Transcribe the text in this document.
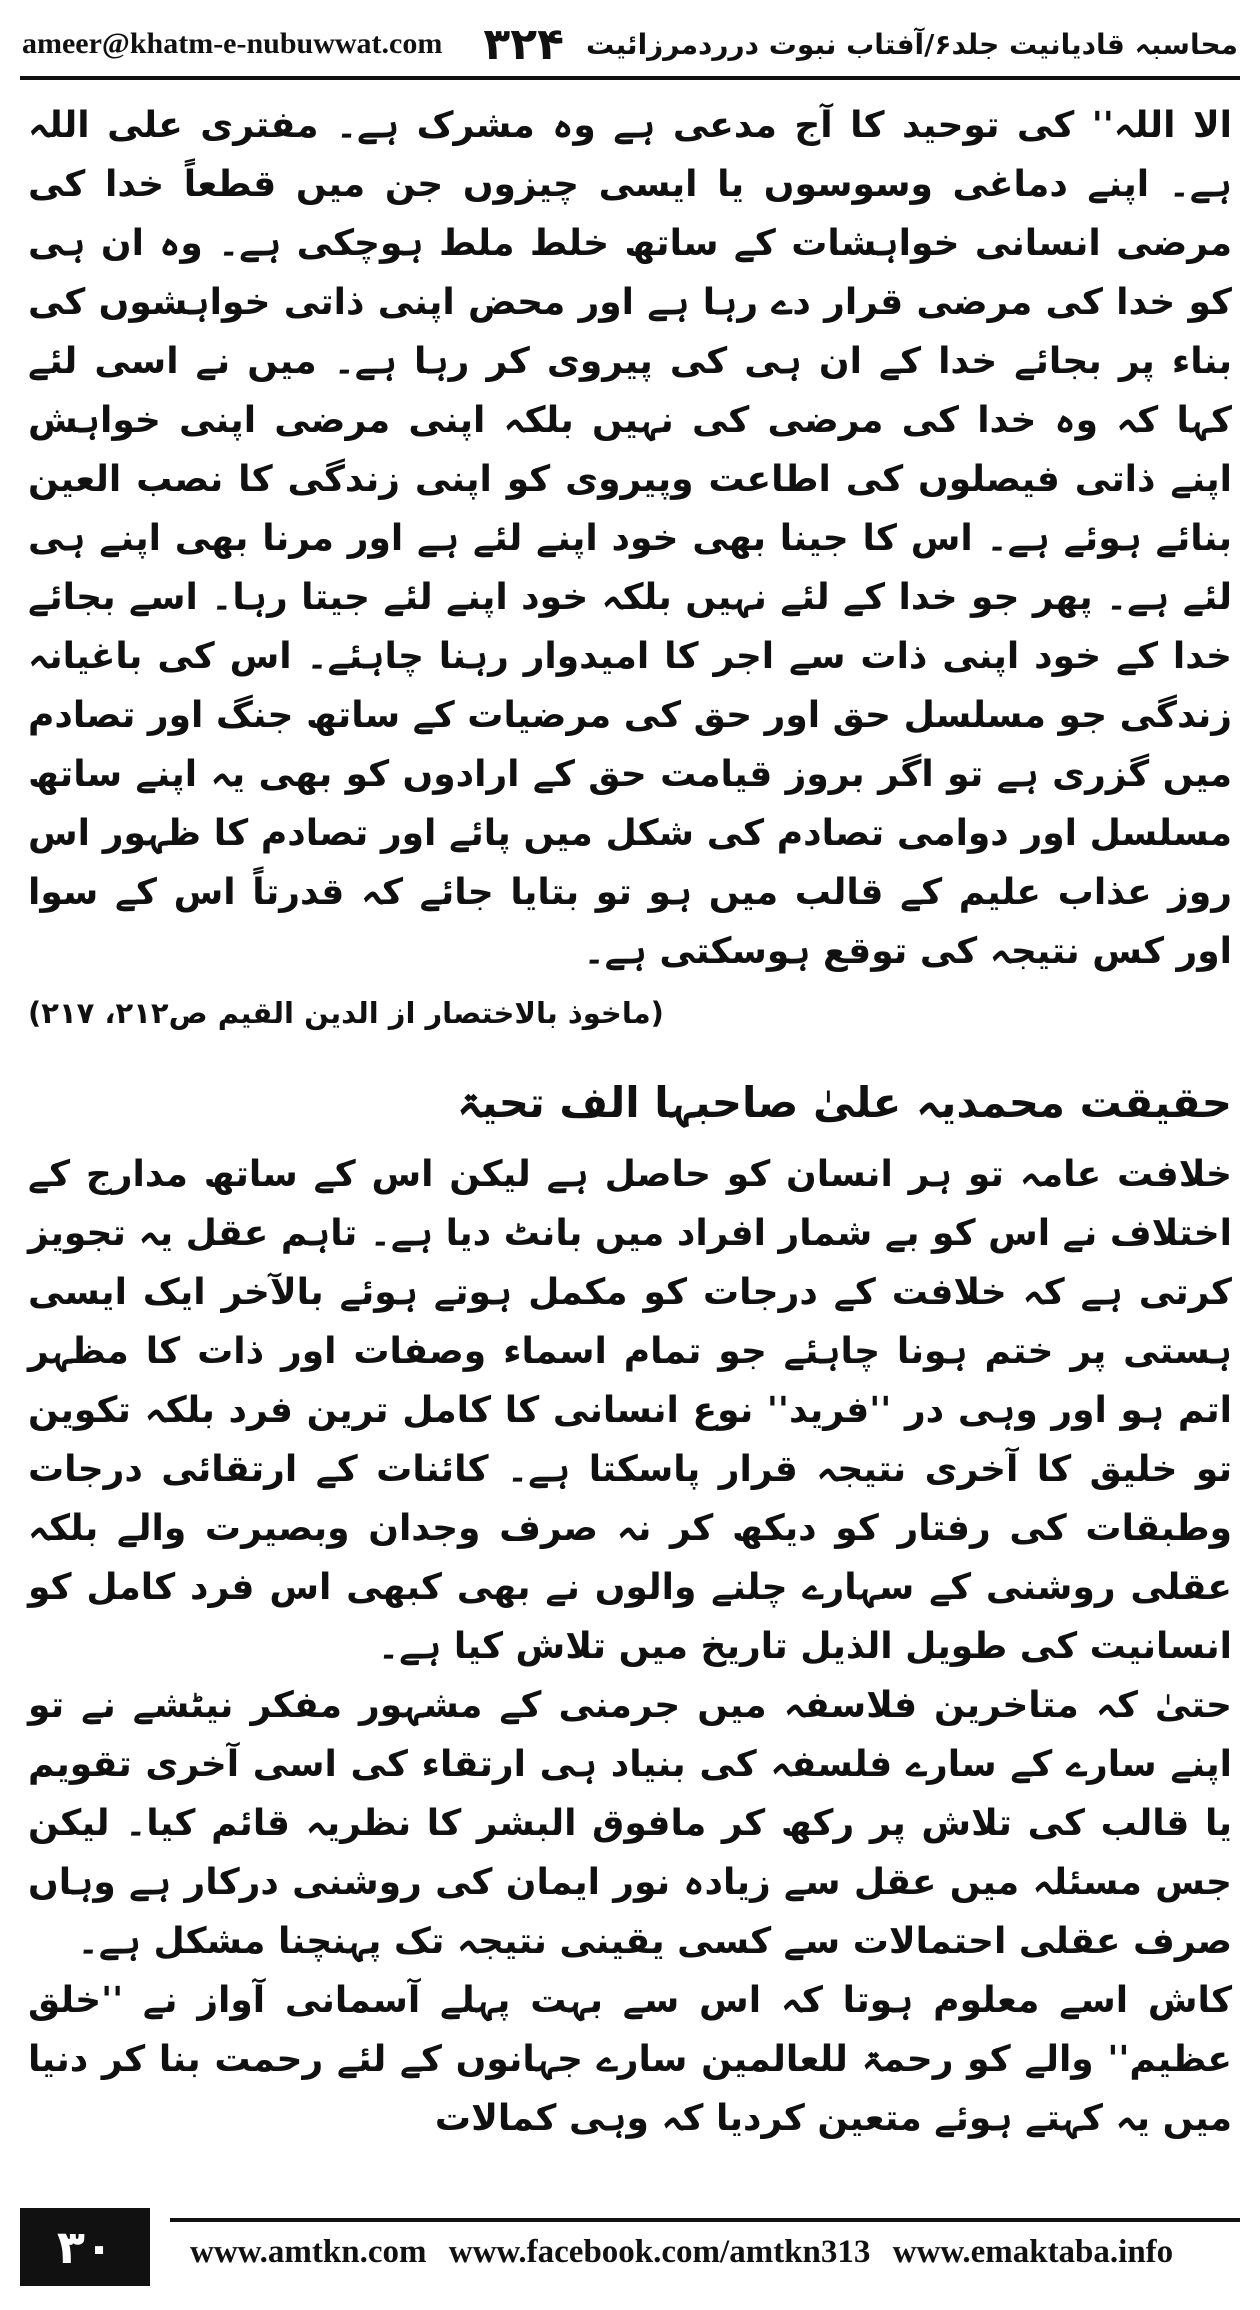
ameer@khatm-e-nubuwwat.com	محاسبہ قادیانیت جلد۶/آفتاب نبوت درردمرزائیت
۳۲۴

الا اللہ'' کی توحید کا آج مدعی ہے وہ مشرک ہے۔ مفتری علی اللہ ہے۔ اپنے دماغی وسوسوں یا ایسی چیزوں جن میں قطعاً خدا کی مرضی انسانی خواہشات کے ساتھ خلط ملط ہوچکی ہے۔ وہ ان ہی کو خدا کی مرضی قرار دے رہا ہے اور محض اپنی ذاتی خواہشوں کی بناء پر بجائے خدا کے ان ہی کی پیروی کر رہا ہے۔ میں نے اسی لئے کہا کہ وہ خدا کی مرضی کی نہیں بلکہ اپنی مرضی اپنی خواہش اپنے ذاتی فیصلوں کی اطاعت وپیروی کو اپنی زندگی کا نصب العین بنائے ہوئے ہے۔ اس کا جینا بھی خود اپنے لئے ہے اور مرنا بھی اپنے ہی لئے ہے۔ پھر جو خدا کے لئے نہیں بلکہ خود اپنے لئے جیتا رہا۔ اسے بجائے خدا کے خود اپنی ذات سے اجر کا امیدوار رہنا چاہئے۔ اس کی باغیانہ زندگی جو مسلسل حق اور حق کی مرضیات کے ساتھ جنگ اور تصادم میں گزری ہے تو اگر بروز قیامت حق کے ارادوں کو بھی یہ اپنے ساتھ مسلسل اور دوامی تصادم کی شکل میں پائے اور تصادم کا ظہور اس روز عذاب علیم کے قالب میں ہو تو بتایا جائے کہ قدرتاً اس کے سوا اور کس نتیجہ کی توقع ہوسکتی ہے۔

(ماخوذ بالاختصار از الدین القیم ص۲۱۲، ۲۱۷)
حقیقت محمدیہ علیٰ صاحبہا الف تحیۃ

خلافت عامہ تو ہر انسان کو حاصل ہے لیکن اس کے ساتھ مدارج کے اختلاف نے اس کو بے شمار افراد میں بانٹ دیا ہے۔ تاہم عقل یہ تجویز کرتی ہے کہ خلافت کے درجات کو مکمل ہوتے ہوئے بالآخر ایک ایسی ہستی پر ختم ہونا چاہئے جو تمام اسماء وصفات اور ذات کا مظہر اتم ہو اور وہی در ''فرید'' نوع انسانی کا کامل ترین فرد بلکہ تکوین تو خلیق کا آخری نتیجہ قرار پاسکتا ہے۔ کائنات کے ارتقائی درجات وطبقات کی رفتار کو دیکھ کر نہ صرف وجدان وبصیرت والے بلکہ عقلی روشنی کے سہارے چلنے والوں نے بھی کبھی اس فرد کامل کو انسانیت کی طویل الذیل تاریخ میں تلاش کیا ہے۔

حتیٰ کہ متاخرین فلاسفہ میں جرمنی کے مشہور مفکر نیٹشے نے تو اپنے سارے کے سارے فلسفہ کی بنیاد ہی ارتقاء کی اسی آخری تقویم یا قالب کی تلاش پر رکھ کر مافوق البشر کا نظریہ قائم کیا۔ لیکن جس مسئلہ میں عقل سے زیادہ نور ایمان کی روشنی درکار ہے وہاں صرف عقلی احتمالات سے کسی یقینی نتیجہ تک پہنچنا مشکل ہے۔

کاش اسے معلوم ہوتا کہ اس سے بہت پہلے آسمانی آواز نے ''خلق عظیم'' والے کو رحمۃ للعالمین سارے جہانوں کے لئے رحمت بنا کر دنیا میں یہ کہتے ہوئے متعین کردیا کہ وہی کمالات

۳۰	www.amtkn.com www.facebook.com/amtkn313 www.emaktaba.info
